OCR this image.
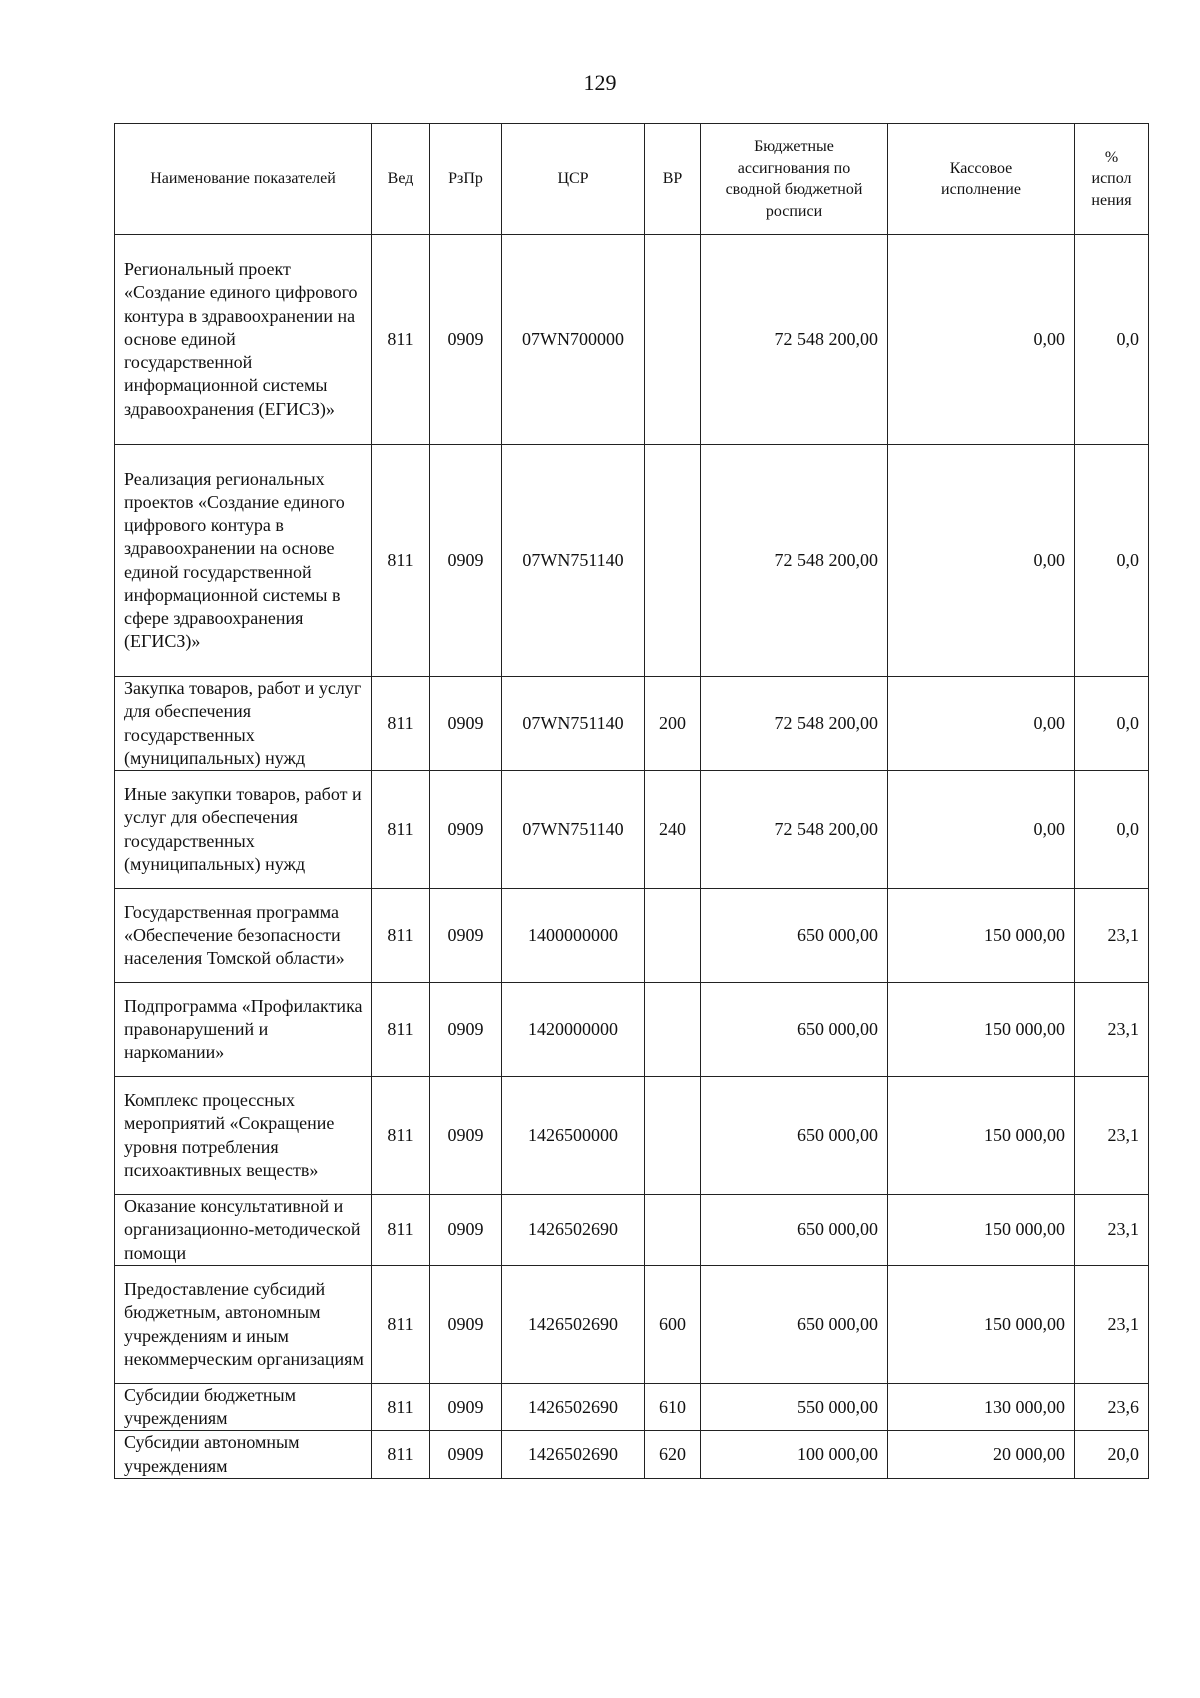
129
Наименование показателей	Вед	РзПр	ЦСР	ВР	Бюджетные ассигнования по сводной бюджетной росписи	Кассовое исполнение	% испол нения
Региональный проект «Создание единого цифрового контура в здравоохранении на основе единой государственной информационной системы здравоохранения (ЕГИСЗ)»	811	0909	07WN700000		72 548 200,00	0,00	0,0
Реализация региональных проектов «Создание единого цифрового контура в здравоохранении на основе единой государственной информационной системы в сфере здравоохранения (ЕГИСЗ)»	811	0909	07WN751140		72 548 200,00	0,00	0,0
Закупка товаров, работ и услуг для обеспечения государственных (муниципальных) нужд	811	0909	07WN751140	200	72 548 200,00	0,00	0,0
Иные закупки товаров, работ и услуг для обеспечения государственных (муниципальных) нужд	811	0909	07WN751140	240	72 548 200,00	0,00	0,0
Государственная программа «Обеспечение безопасности населения Томской области»	811	0909	1400000000		650 000,00	150 000,00	23,1
Подпрограмма «Профилактика правонарушений и наркомании»	811	0909	1420000000		650 000,00	150 000,00	23,1
Комплекс процессных мероприятий «Сокращение уровня потребления психоактивных веществ»	811	0909	1426500000		650 000,00	150 000,00	23,1
Оказание консультативной и организационно-методической помощи	811	0909	1426502690		650 000,00	150 000,00	23,1
Предоставление субсидий бюджетным, автономным учреждениям и иным некоммерческим организациям	811	0909	1426502690	600	650 000,00	150 000,00	23,1
Субсидии бюджетным учреждениям	811	0909	1426502690	610	550 000,00	130 000,00	23,6
Субсидии автономным учреждениям	811	0909	1426502690	620	100 000,00	20 000,00	20,0
